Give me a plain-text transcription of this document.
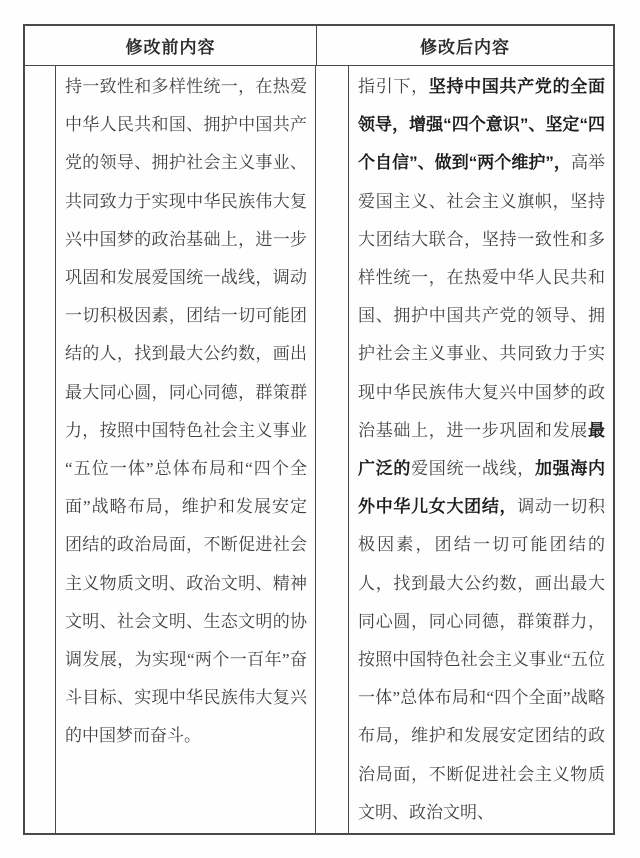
修改前内容	修改后内容

持一致性和多样性统一，在热爱中华人民共和国、拥护中国共产党的领导、拥护社会主义事业、共同致力于实现中华民族伟大复兴中国梦的政治基础上，进一步巩固和发展爱国统一战线，调动一切积极因素，团结一切可能团结的人，找到最大公约数，画出最大同心圆，同心同德，群策群力，按照中国特色社会主义事业“五位一体”总体布局和“四个全面”战略布局，维护和发展安定团结的政治局面，不断促进社会主义物质文明、政治文明、精神文明、社会文明、生态文明的协调发展，为实现“两个一百年”奋斗目标、实现中华民族伟大复兴的中国梦而奋斗。

指引下，坚持中国共产党的全面领导，增强“四个意识”、坚定“四个自信”、做到“两个维护”，高举爱国主义、社会主义旗帜，坚持大团结大联合，坚持一致性和多样性统一，在热爱中华人民共和国、拥护中国共产党的领导、拥护社会主义事业、共同致力于实现中华民族伟大复兴中国梦的政治基础上，进一步巩固和发展最广泛的爱国统一战线，加强海内外中华儿女大团结，调动一切积极因素，团结一切可能团结的人，找到最大公约数，画出最大同心圆，同心同德，群策群力，按照中国特色社会主义事业“五位一体”总体布局和“四个全面”战略布局，维护和发展安定团结的政治局面，不断促进社会主义物质文明、政治文明、
